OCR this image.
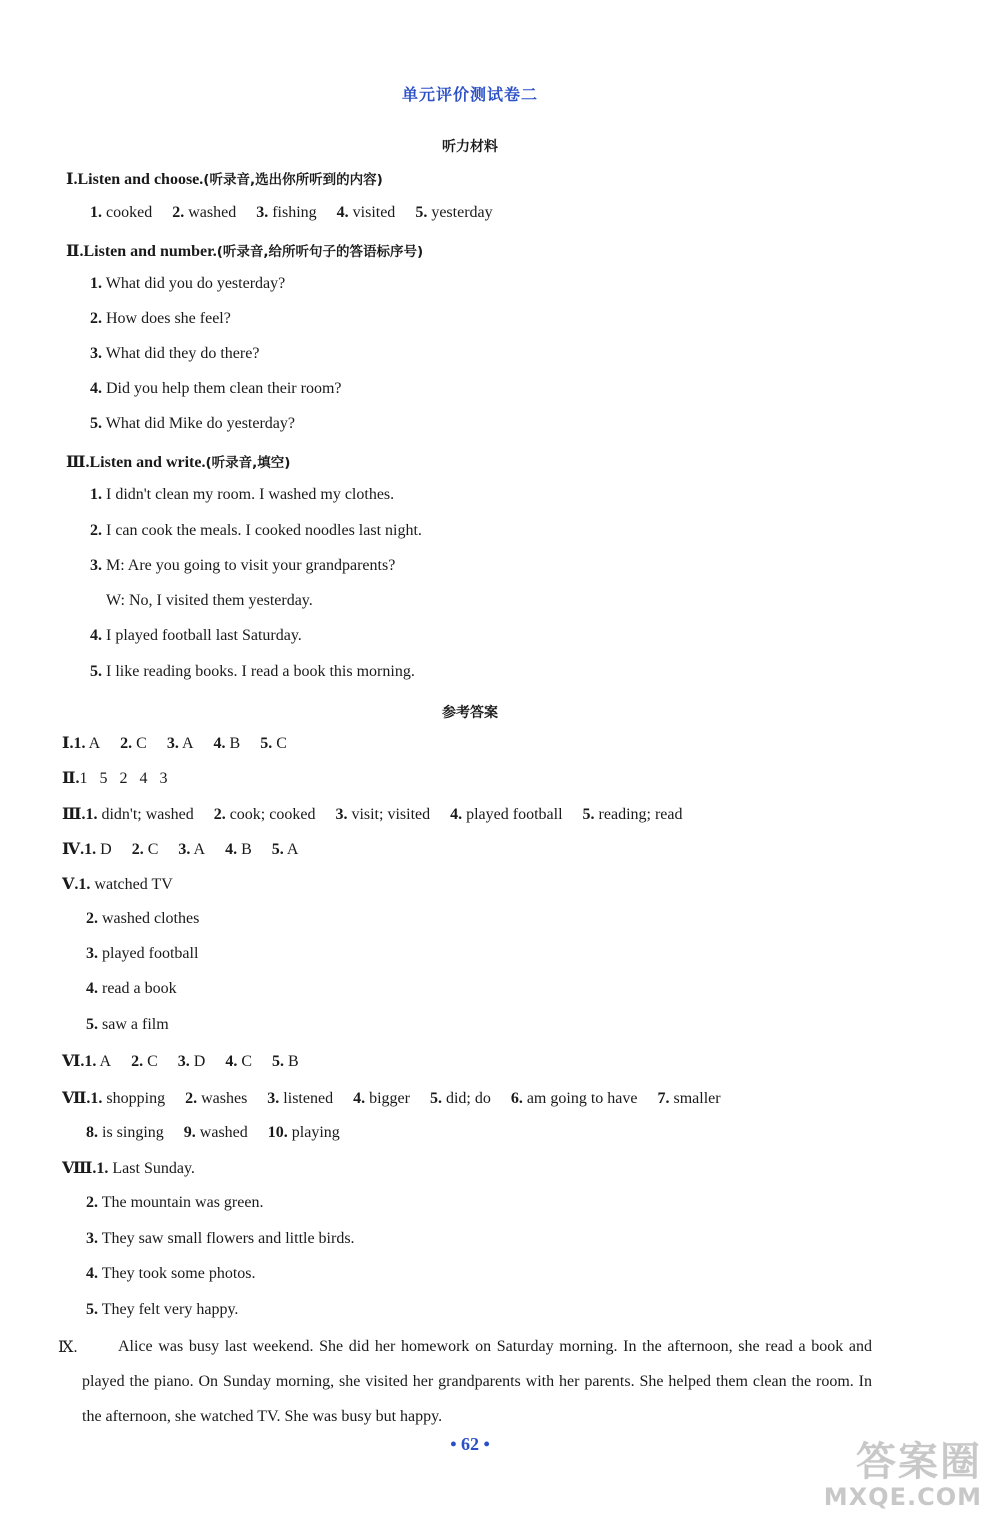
单元评价测试卷二
听力材料
Ⅰ.Listen and choose.(听录音,选出你所听到的内容)
1. cooked 2. washed 3. fishing 4. visited 5. yesterday
Ⅱ.Listen and number.(听录音,给所听句子的答语标序号)
1. What did you do yesterday?
2. How does she feel?
3. What did they do there?
4. Did you help them clean their room?
5. What did Mike do yesterday?
Ⅲ.Listen and write.(听录音,填空)
1. I didn't clean my room. I washed my clothes.
2. I can cook the meals. I cooked noodles last night.
3. M: Are you going to visit your grandparents?
W: No, I visited them yesterday.
4. I played football last Saturday.
5. I like reading books. I read a book this morning.
参考答案
Ⅰ.1. A 2. C 3. A 4. B 5. C
Ⅱ.1   5   2   4   3
Ⅲ.1. didn't; washed 2. cook; cooked 3. visit; visited 4. played football 5. reading; read
Ⅳ.1. D 2. C 3. A 4. B 5. A
Ⅴ.1. watched TV
2. washed clothes
3. played football
4. read a book
5. saw a film
Ⅵ.1. A 2. C 3. D 4. C 5. B
Ⅶ.1. shopping 2. washes 3. listened 4. bigger 5. did; do 6. am going to have 7. smaller
8. is singing 9. washed 10. playing
Ⅷ.1. Last Sunday.
2. The mountain was green.
3. They saw small flowers and little birds.
4. They took some photos.
5. They felt very happy.
Ⅸ.	Alice was busy last weekend. She did her homework on Saturday morning. In the afternoon, she read a book and played the piano. On Sunday morning, she visited her grandparents with her parents. She helped them clean the room. In the afternoon, she watched TV. She was busy but happy.
• 62 •	答案圈
MXQE.COM
